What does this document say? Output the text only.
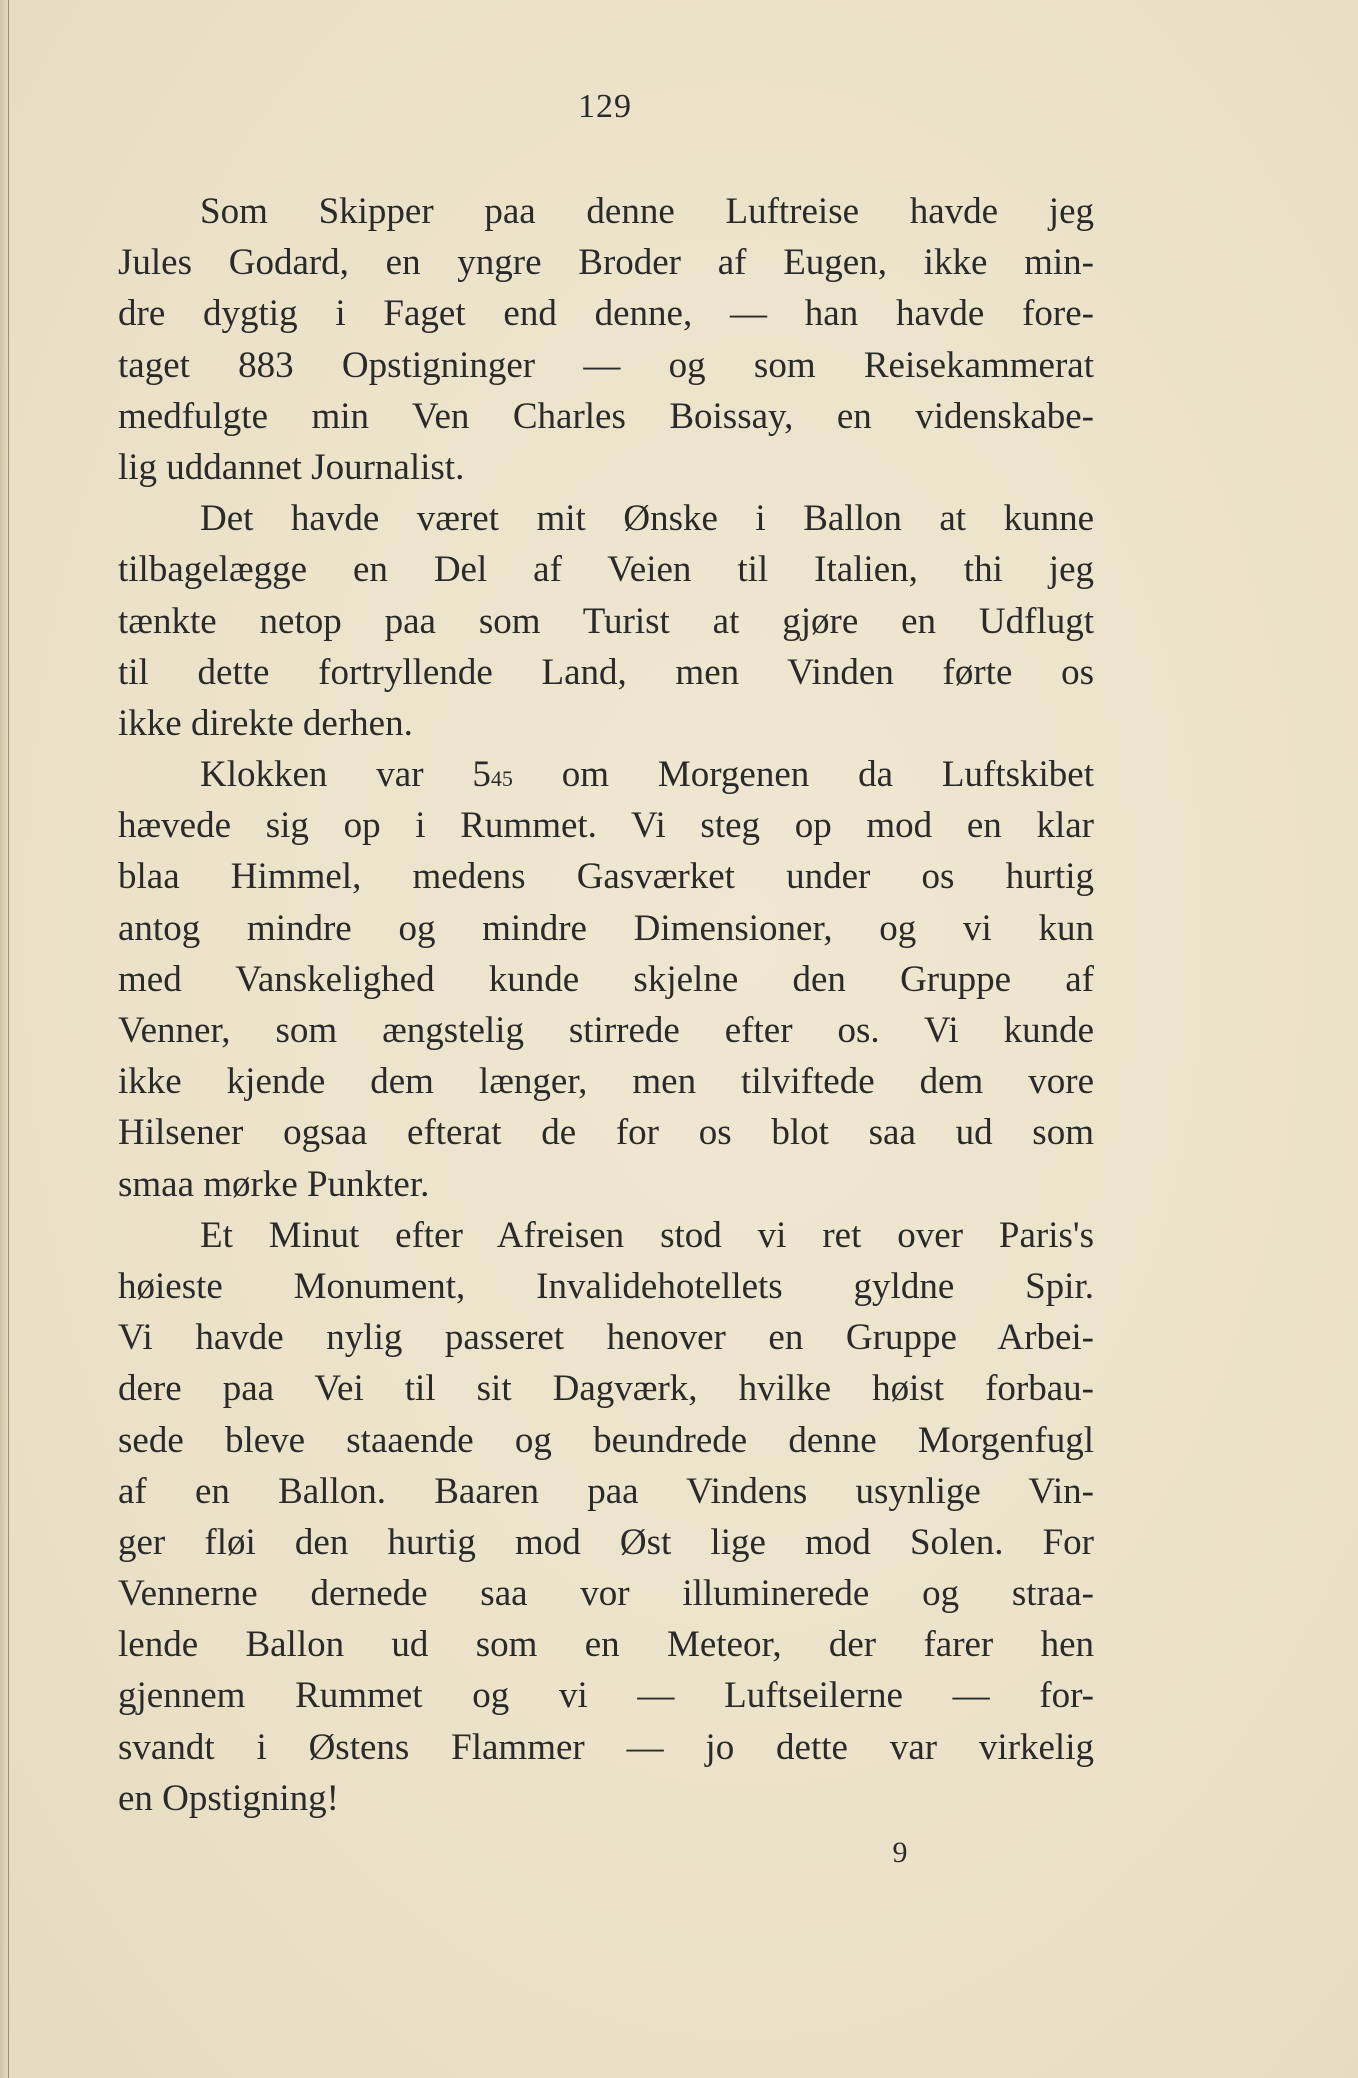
129
Som Skipper paa denne Luftreise havde jeg
Jules Godard, en yngre Broder af Eugen, ikke min-
dre dygtig i Faget end denne, — han havde fore-
taget 883 Opstigninger — og som Reisekammerat
medfulgte min Ven Charles Boissay, en videnskabe-
lig uddannet Journalist.
Det havde været mit Ønske i Ballon at kunne
tilbagelægge en Del af Veien til Italien, thi jeg
tænkte netop paa som Turist at gjøre en Udflugt
til dette fortryllende Land, men Vinden førte os
ikke direkte derhen.
Klokken var 545 om Morgenen da Luftskibet
hævede sig op i Rummet. Vi steg op mod en klar
blaa Himmel, medens Gasværket under os hurtig
antog mindre og mindre Dimensioner, og vi kun
med Vanskelighed kunde skjelne den Gruppe af
Venner, som ængstelig stirrede efter os. Vi kunde
ikke kjende dem længer, men tilviftede dem vore
Hilsener ogsaa efterat de for os blot saa ud som
smaa mørke Punkter.
Et Minut efter Afreisen stod vi ret over Paris's
høieste Monument, Invalidehotellets gyldne Spir.
Vi havde nylig passeret henover en Gruppe Arbei-
dere paa Vei til sit Dagværk, hvilke høist forbau-
sede bleve staaende og beundrede denne Morgenfugl
af en Ballon. Baaren paa Vindens usynlige Vin-
ger fløi den hurtig mod Øst lige mod Solen. For
Vennerne dernede saa vor illuminerede og straa-
lende Ballon ud som en Meteor, der farer hen
gjennem Rummet og vi — Luftseilerne — for-
svandt i Østens Flammer — jo dette var virkelig
en Opstigning!
9
